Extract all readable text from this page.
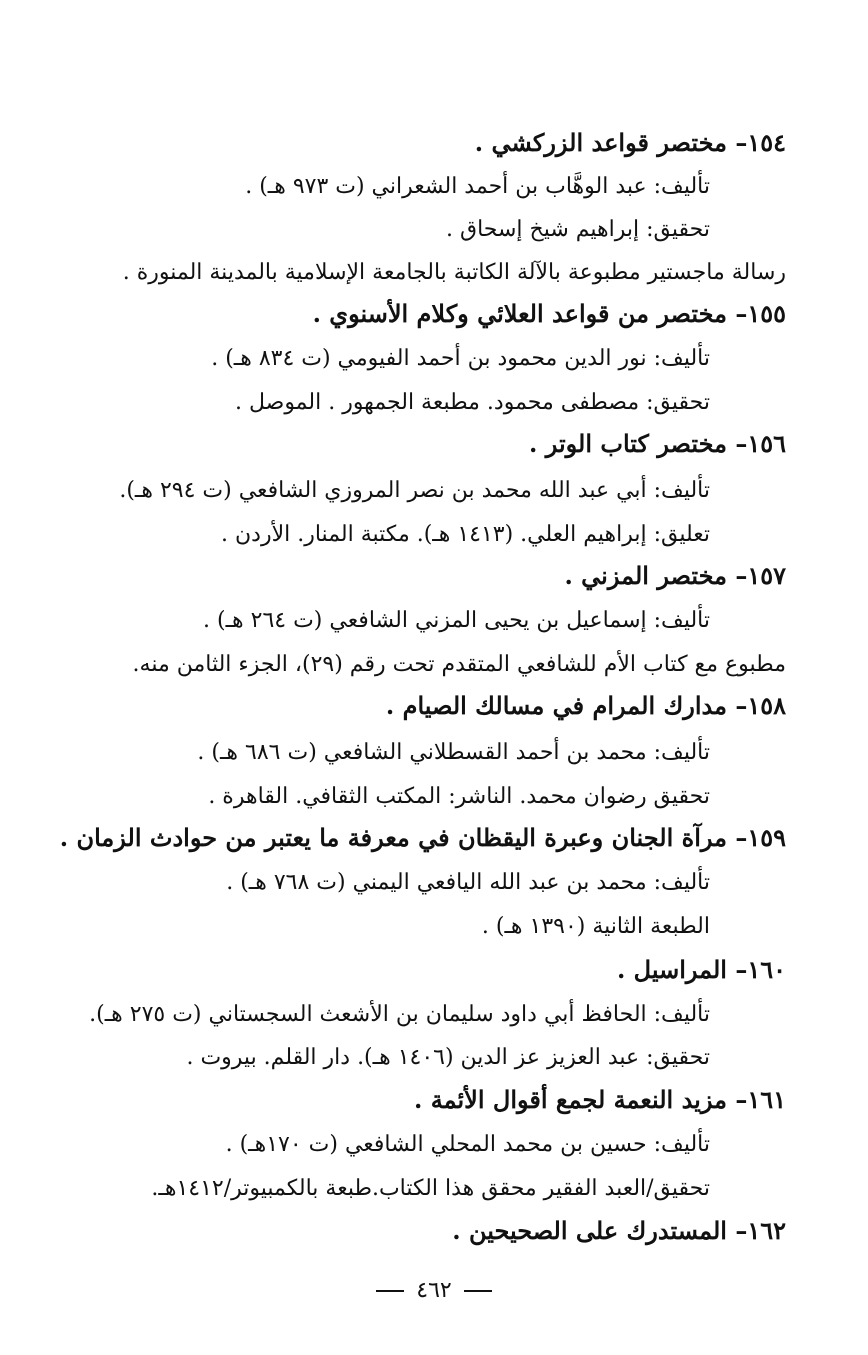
١٥٤– مختصر قواعد الزركشي .
تأليف: عبد الوهَّاب بن أحمد الشعراني (ت ٩٧٣ هـ) .
تحقيق: إبراهيم شيخ إسحاق .
رسالة ماجستير مطبوعة بالآلة الكاتبة بالجامعة الإسلامية بالمدينة المنورة .
١٥٥– مختصر من قواعد العلائي وكلام الأسنوي .
تأليف: نور الدين محمود بن أحمد الفيومي (ت ٨٣٤ هـ) .
تحقيق: مصطفى محمود. مطبعة الجمهور . الموصل .
١٥٦– مختصر كتاب الوتر .
تأليف: أبي عبد الله محمد بن نصر المروزي الشافعي (ت ٢٩٤ هـ).
تعليق: إبراهيم العلي. (١٤١٣ هـ). مكتبة المنار. الأردن .
١٥٧– مختصر المزني .
تأليف: إسماعيل بن يحيى المزني الشافعي (ت ٢٦٤ هـ) .
مطبوع مع كتاب الأم للشافعي المتقدم تحت رقم (٢٩)، الجزء الثامن منه.
١٥٨– مدارك المرام في مسالك الصيام .
تأليف: محمد بن أحمد القسطلاني الشافعي (ت ٦٨٦ هـ) .
تحقيق رضوان محمد. الناشر: المكتب الثقافي. القاهرة .
١٥٩– مرآة الجنان وعبرة اليقظان في معرفة ما يعتبر من حوادث الزمان .
تأليف: محمد بن عبد الله اليافعي اليمني (ت ٧٦٨ هـ) .
الطبعة الثانية (١٣٩٠ هـ) .
١٦٠– المراسيل .
تأليف: الحافظ أبي داود سليمان بن الأشعث السجستاني (ت ٢٧٥ هـ).
تحقيق: عبد العزيز عز الدين (١٤٠٦ هـ). دار القلم. بيروت .
١٦١– مزيد النعمة لجمع أقوال الأئمة .
تأليف: حسين بن محمد المحلي الشافعي (ت ١٧٠هـ) .
تحقيق/العبد الفقير محقق هذا الكتاب.طبعة بالكمبيوتر/١٤١٢هـ.
١٦٢– المستدرك على الصحيحين .
٤٦٢
